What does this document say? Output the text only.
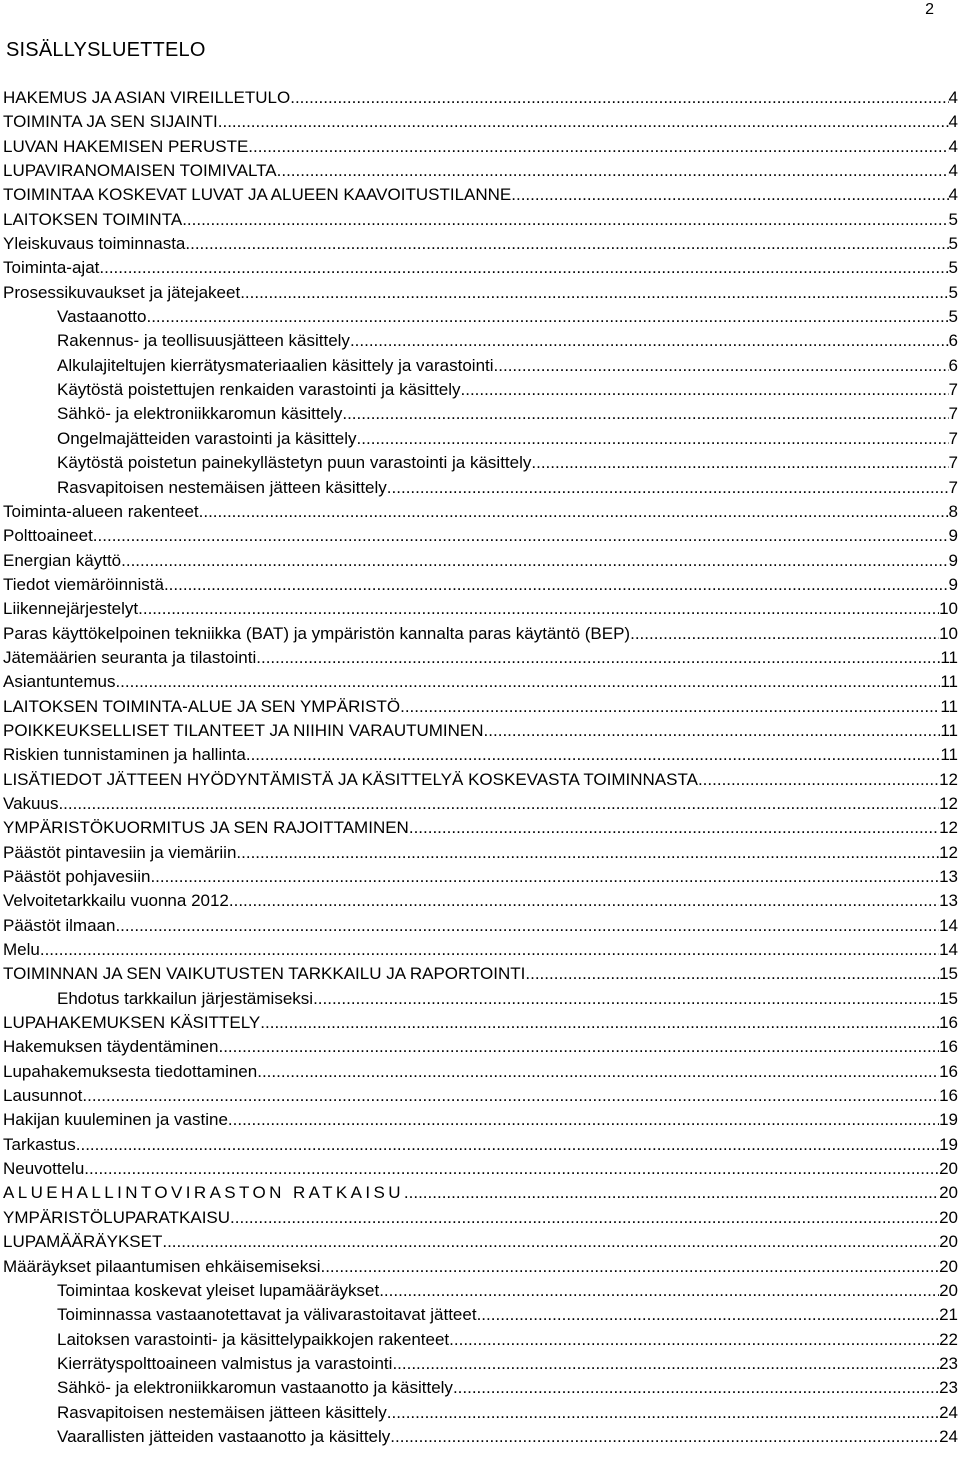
2
SISÄLLYSLUETTELO
HAKEMUS JA ASIAN VIREILLETULO .....	4
TOIMINTA JA SEN SIJAINTI .....	4
LUVAN HAKEMISEN PERUSTE .....	4
LUPAVIRANOMAISEN TOIMIVALTA .....	4
TOIMINTAA KOSKEVAT LUVAT JA ALUEEN KAAVOITUSTILANNE .....	4
LAITOKSEN TOIMINTA .....	5
Yleiskuvaus toiminnasta .....	5
Toiminta-ajat .....	5
Prosessikuvaukset ja jätejakeet .....	5
Vastaanotto .....	5
Rakennus- ja teollisuusjätteen käsittely .....	6
Alkulajiteltujen kierrätysmateriaalien käsittely ja varastointi .....	6
Käytöstä poistettujen renkaiden varastointi ja käsittely .....	7
Sähkö- ja elektroniikkaromun käsittely .....	7
Ongelmajätteiden varastointi ja käsittely .....	7
Käytöstä poistetun painekyllästetyn puun varastointi ja käsittely .....	7
Rasvapitoisen nestemäisen jätteen käsittely .....	7
Toiminta-alueen rakenteet .....	8
Polttoaineet .....	9
Energian käyttö .....	9
Tiedot viemäröinnistä .....	9
Liikennejärjestelyt .....	10
Paras käyttökelpoinen tekniikka (BAT) ja ympäristön kannalta paras käytäntö (BEP) .....	10
Jätemäärien seuranta ja tilastointi .....	11
Asiantuntemus .....	11
LAITOKSEN TOIMINTA-ALUE JA SEN YMPÄRISTÖ .....	11
POIKKEUKSELLISET TILANTEET JA NIIHIN VARAUTUMINEN .....	11
Riskien tunnistaminen ja hallinta .....	11
LISÄTIEDOT JÄTTEEN HYÖDYNTÄMISTÄ JA KÄSITTELYÄ KOSKEVASTA TOIMINNASTA .....	12
Vakuus .....	12
YMPÄRISTÖKUORMITUS JA SEN RAJOITTAMINEN .....	12
Päästöt pintavesiin ja viemäriin .....	12
Päästöt pohjavesiin .....	13
Velvoitetarkkailu vuonna 2012 .....	13
Päästöt ilmaan .....	14
Melu .....	14
TOIMINNAN JA SEN VAIKUTUSTEN TARKKAILU JA RAPORTOINTI .....	15
Ehdotus tarkkailun järjestämiseksi .....	15
LUPAHAKEMUKSEN KÄSITTELY .....	16
Hakemuksen täydentäminen .....	16
Lupahakemuksesta tiedottaminen .....	16
Lausunnot .....	16
Hakijan kuuleminen ja vastine .....	19
Tarkastus .....	19
Neuvottelu .....	20
ALUEHALLINTOVIRASTON RATKAISU .....	20
YMPÄRISTÖLUPARATKAISU .....	20
LUPAMÄÄRÄYKSET .....	20
Määräykset pilaantumisen ehkäisemiseksi .....	20
Toimintaa koskevat yleiset lupamääräykset .....	20
Toiminnassa vastaanotettavat ja välivarastoitavat jätteet .....	21
Laitoksen varastointi- ja käsittelypaikkojen rakenteet .....	22
Kierrätyspolttoaineen valmistus ja varastointi .....	23
Sähkö- ja elektroniikkaromun vastaanotto ja käsittely .....	23
Rasvapitoisen nestemäisen jätteen käsittely .....	24
Vaarallisten jätteiden vastaanotto ja käsittely .....	24
